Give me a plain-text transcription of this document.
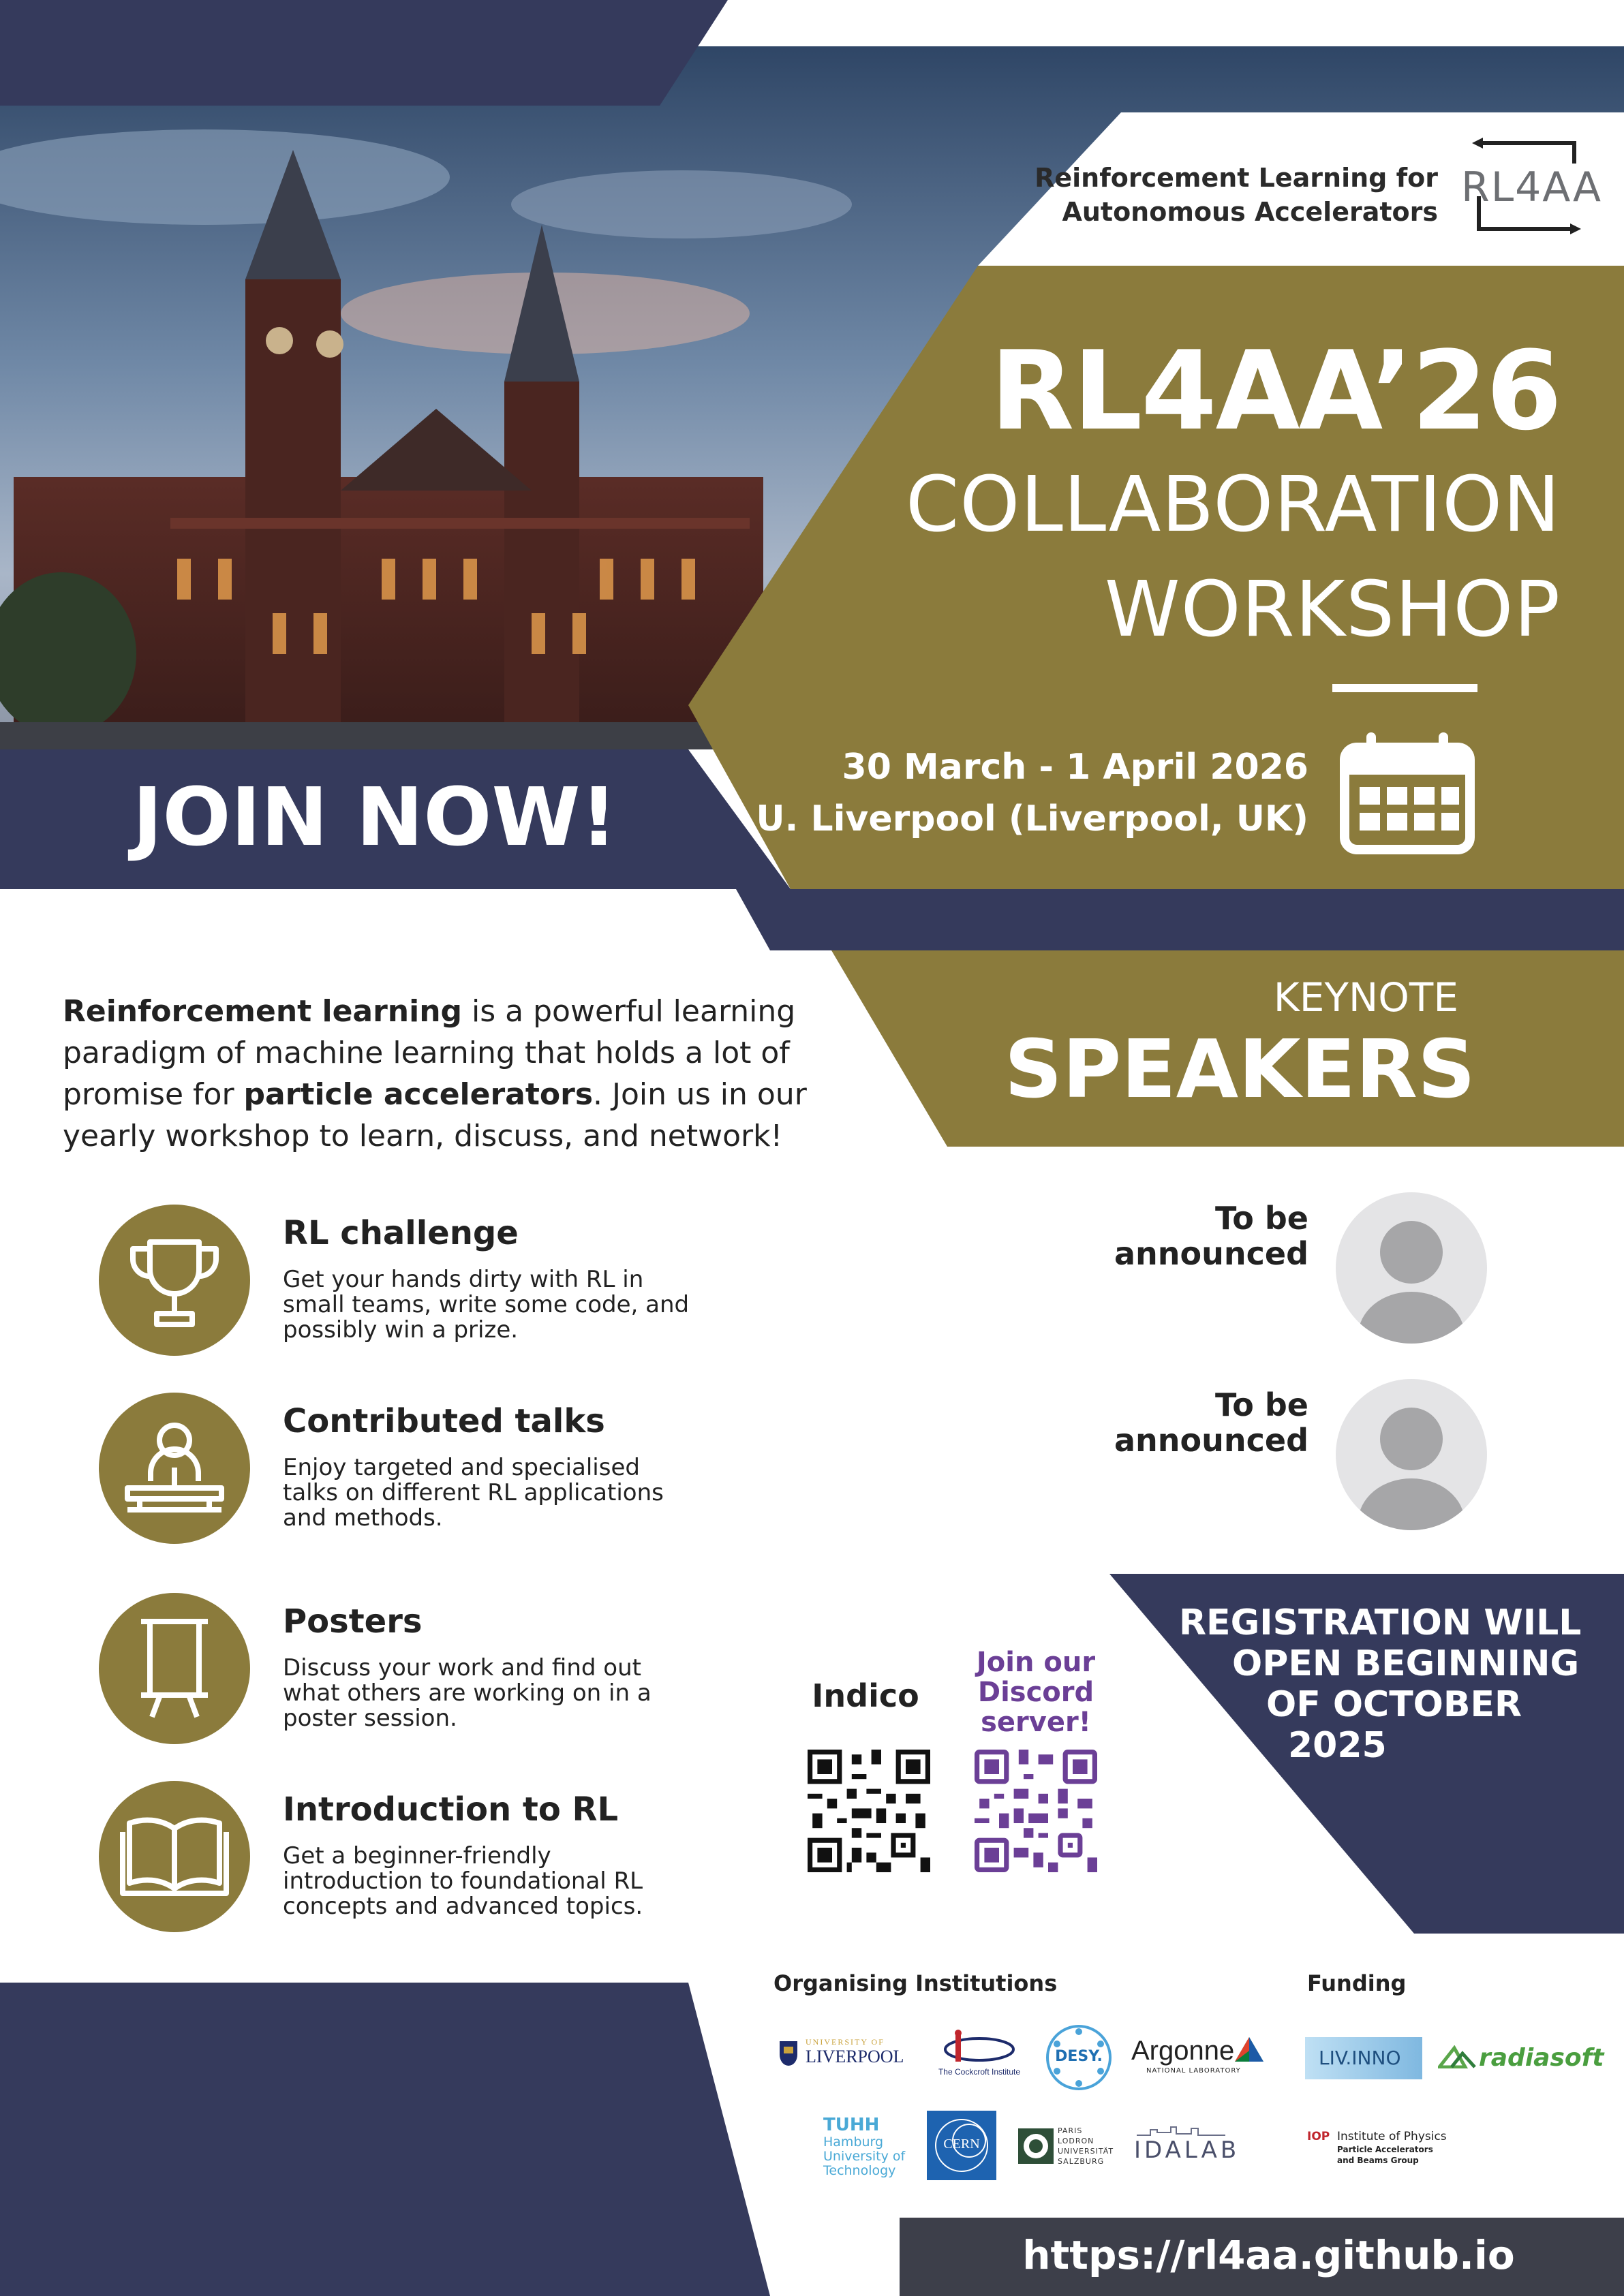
Reinforcement Learning for
Autonomous Accelerators
RL4AA
RL4AA’26
COLLABORATION
WORKSHOP
30 March - 1 April 2026
U. Liverpool (Liverpool, UK)
JOIN NOW!
Reinforcement learning is a powerful learning paradigm of machine learning that holds a lot of promise for particle accelerators. Join us in our yearly workshop to learn, discuss, and network!
RL challenge
Get your hands dirty with RL in small teams, write some code, and possibly win a prize.
Contributed talks
Enjoy targeted and specialised talks on different RL applications and methods.
Posters
Discuss your work and find out what others are working on in a poster session.
Introduction to RL
Get a beginner-friendly introduction to foundational RL concepts and advanced topics.
KEYNOTE
SPEAKERS
To be
announced
To be
announced
REGISTRATION WILL
OPEN BEGINNING
OF OCTOBER
2025
Indico
Join our
Discord
server!
Organising Institutions	Funding
UNIVERSITY OF
LIVERPOOL
The Cockcroft Institute
DESY.	Argonne
NATIONAL LABORATORY
LIV.INNO	radiasoft
TUHH
Hamburg
University of
Technology
CERN
PARIS
LODRON
UNIVERSITÄT
SALZBURG	IDALAB	IOP Institute of Physics
Particle Accelerators
and Beams Group
https://rl4aa.github.io
